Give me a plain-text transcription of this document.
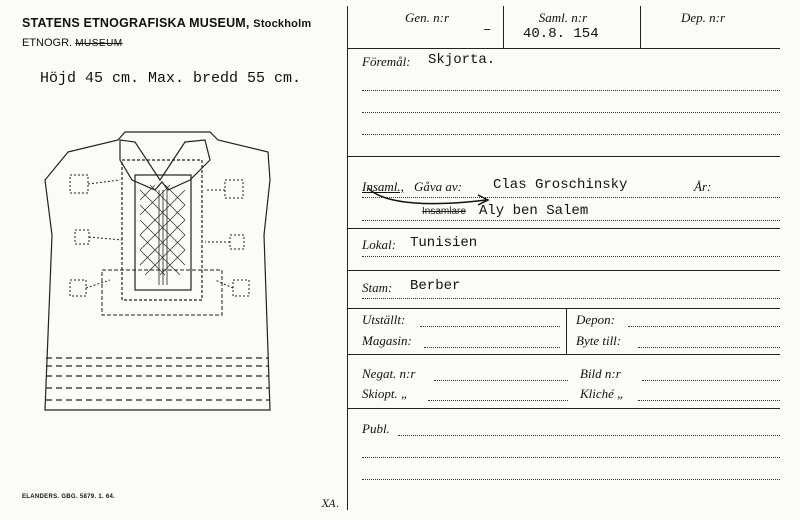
STATENS ETNOGRAFISKA MUSEUM, Stockholm
ETNOGR. MUSEUM
Höjd 45 cm. Max. bredd 55 cm.
ELANDERS. GBG. 5879. 1. 64.
XA.
Gen. n:r	Saml. n:r	Dep. n:r
– 40.8. 154
Föremål: Skjorta.
Insaml., Gåva av: Clas Groschinsky	År:
Insamlare Aly ben Salem
Lokal: Tunisien
Stam: Berber
Utställt:	Depon:
Magasin:	Byte till:
Negat. n:r	Bild n:r
Skiopt. „	Kliché „
Publ.
